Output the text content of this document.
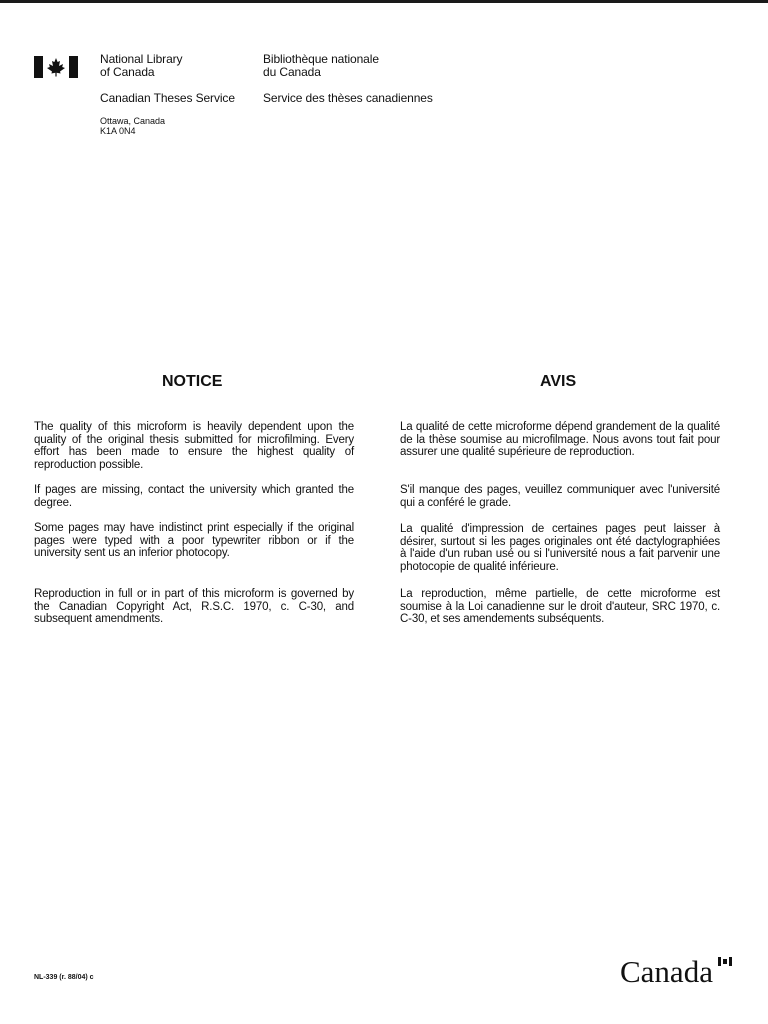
National Library
of Canada
Bibliothèque nationale
du Canada
Canadian Theses Service Service des thèses canadiennes
Ottawa, Canada
K1A 0N4
NOTICE	AVIS

The quality of this microform is heavily dependent upon the quality of the original thesis submitted for microfilming. Every effort has been made to ensure the highest quality of reproduction possible.

If pages are missing, contact the university which granted the degree.

Some pages may have indistinct print especially if the original pages were typed with a poor typewriter ribbon or if the university sent us an inferior photocopy.

Reproduction in full or in part of this microform is governed by the Canadian Copyright Act, R.S.C. 1970, c. C-30, and subsequent amendments.

La qualité de cette microforme dépend grandement de la qualité de la thèse soumise au microfilmage. Nous avons tout fait pour assurer une qualité supérieure de reproduction.

S'il manque des pages, veuillez communiquer avec l'université qui a conféré le grade.

La qualité d'impression de certaines pages peut laisser à désirer, surtout si les pages originales ont été dactylographiées à l'aide d'un ruban usé ou si l'université nous a fait parvenir une photocopie de qualité inférieure.

La reproduction, même partielle, de cette microforme est soumise à la Loi canadienne sur le droit d'auteur, SRC 1970, c. C-30, et ses amendements subséquents.

NL-339 (r. 88/04) c	Canada
